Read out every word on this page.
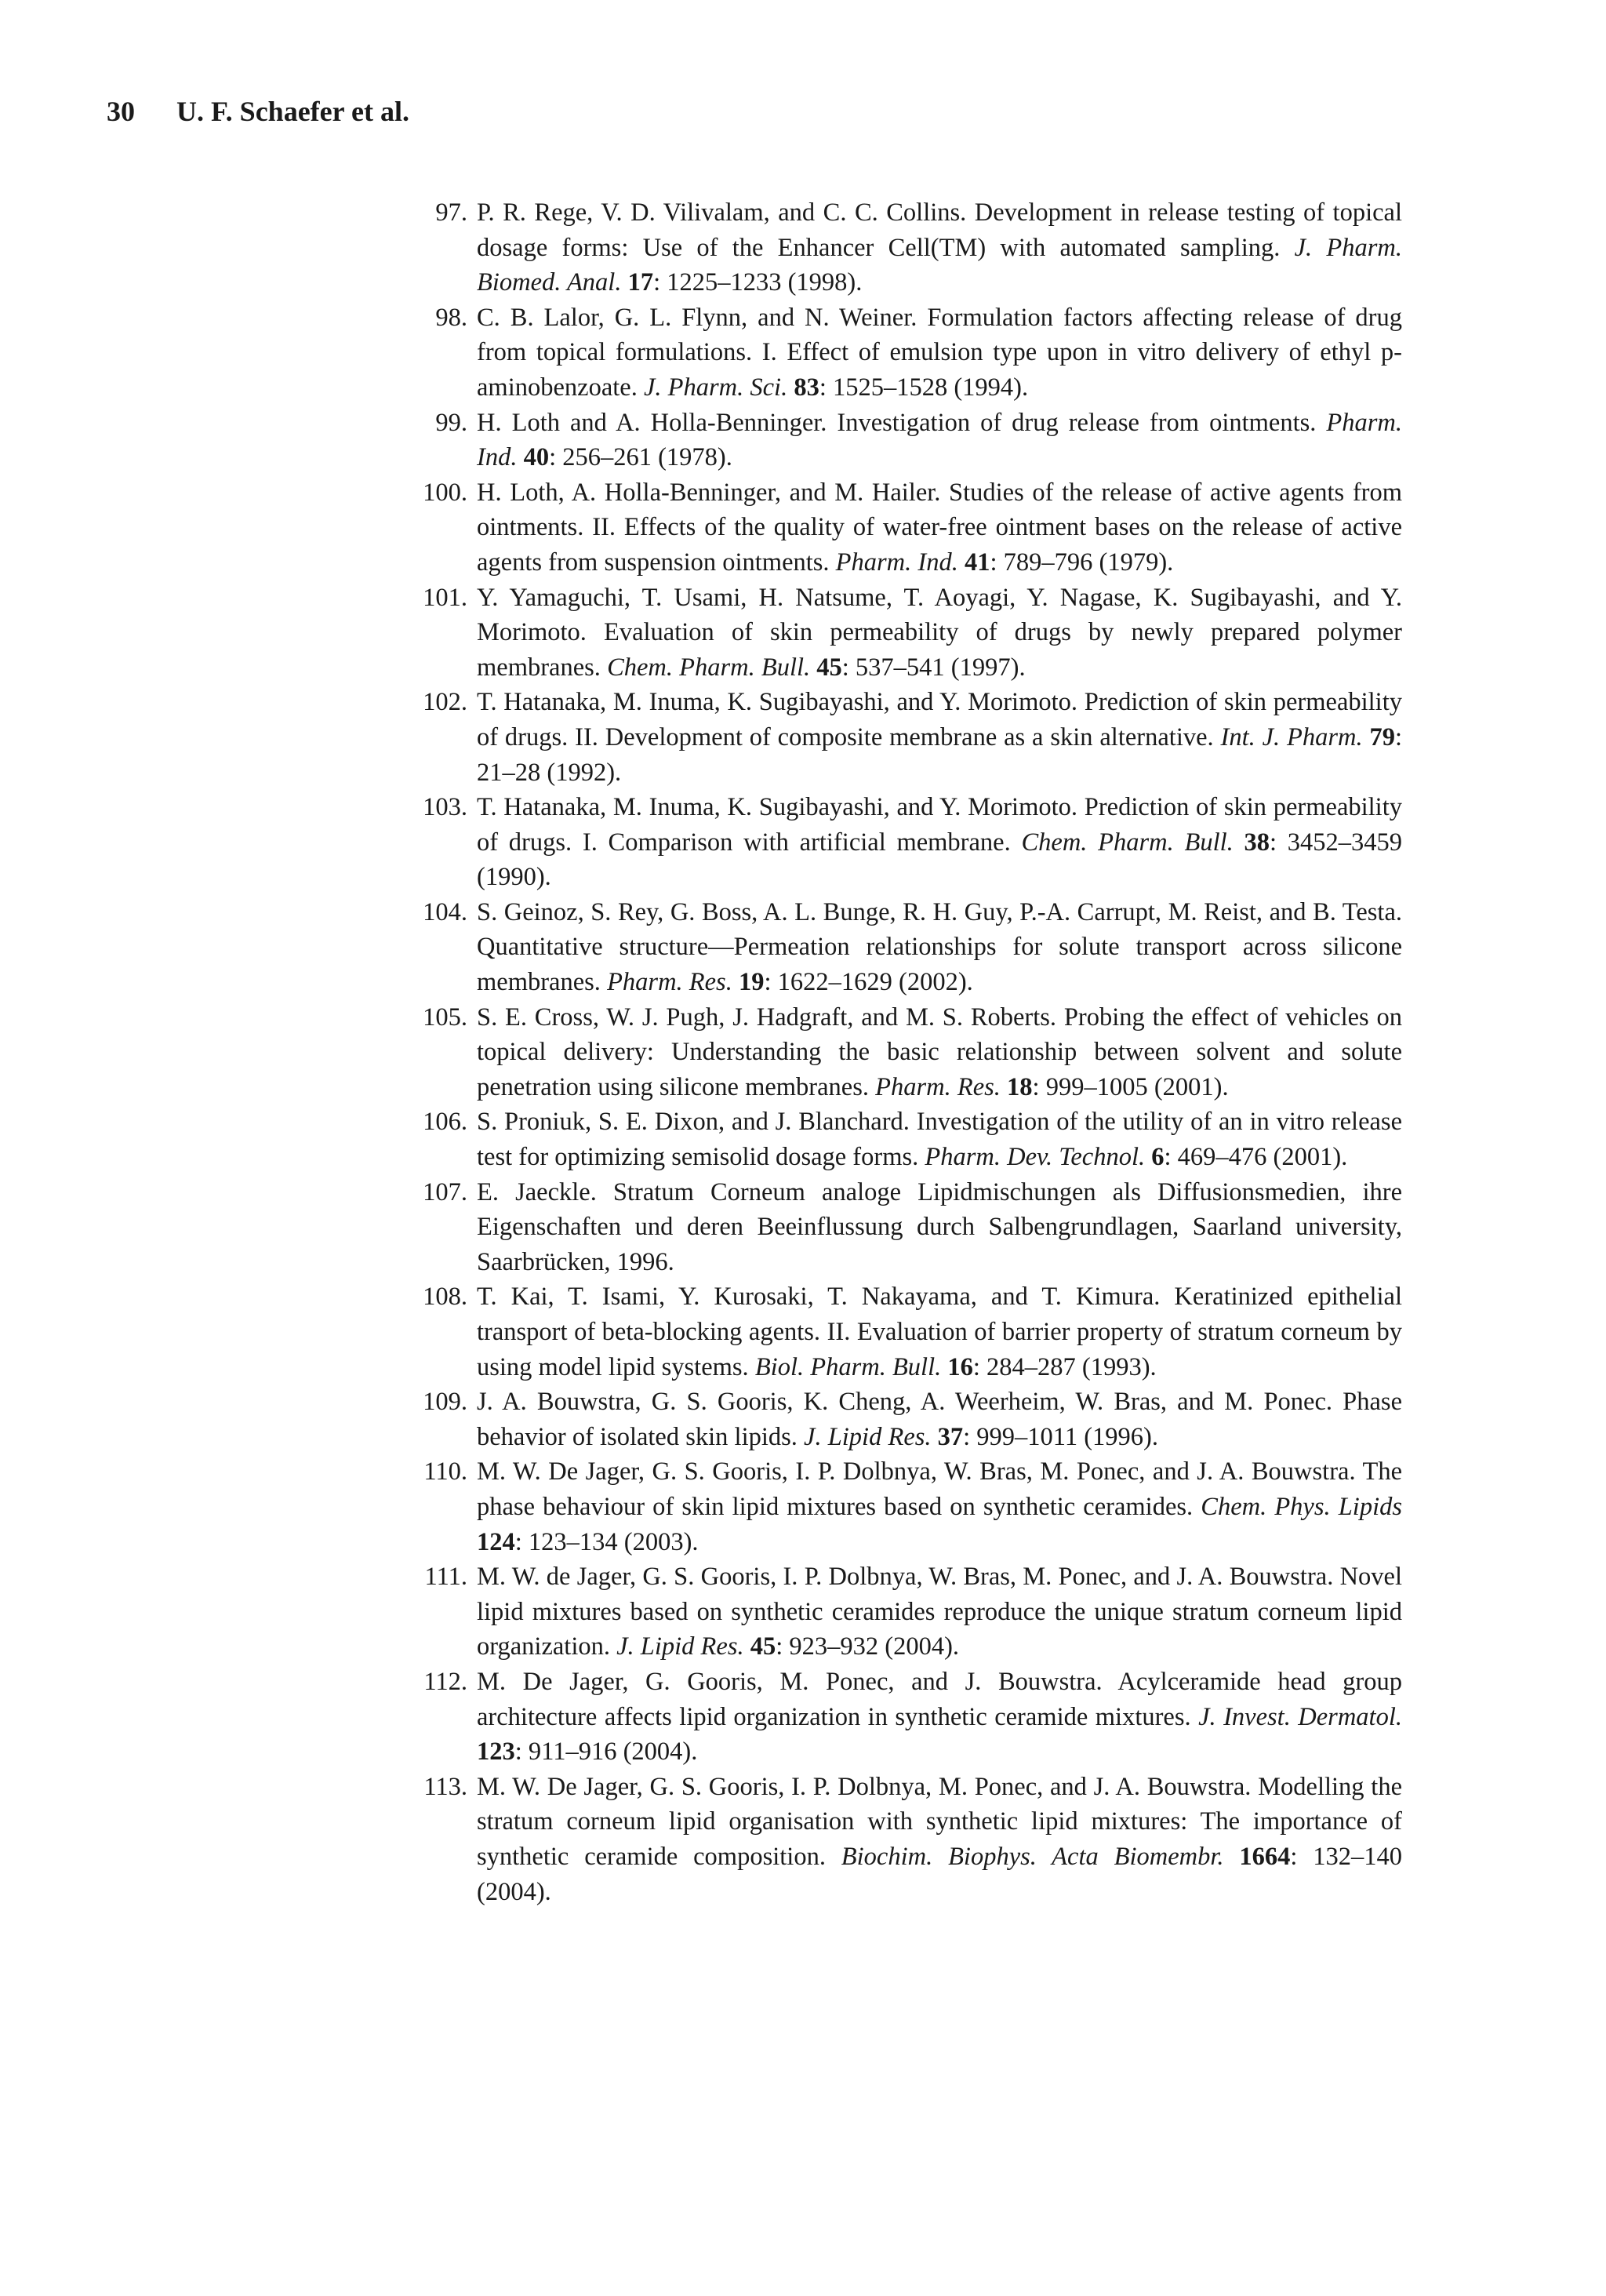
30 U. F. Schaefer et al.
97. P. R. Rege, V. D. Vilivalam, and C. C. Collins. Development in release testing of topical dosage forms: Use of the Enhancer Cell(TM) with automated sampling. J. Pharm. Biomed. Anal. 17: 1225–1233 (1998).
98. C. B. Lalor, G. L. Flynn, and N. Weiner. Formulation factors affecting release of drug from topical formulations. I. Effect of emulsion type upon in vitro delivery of ethyl p-aminobenzoate. J. Pharm. Sci. 83: 1525–1528 (1994).
99. H. Loth and A. Holla-Benninger. Investigation of drug release from ointments. Pharm. Ind. 40: 256–261 (1978).
100. H. Loth, A. Holla-Benninger, and M. Hailer. Studies of the release of active agents from ointments. II. Effects of the quality of water-free ointment bases on the release of active agents from suspension ointments. Pharm. Ind. 41: 789–796 (1979).
101. Y. Yamaguchi, T. Usami, H. Natsume, T. Aoyagi, Y. Nagase, K. Sugibayashi, and Y. Morimoto. Evaluation of skin permeability of drugs by newly prepared polymer membranes. Chem. Pharm. Bull. 45: 537–541 (1997).
102. T. Hatanaka, M. Inuma, K. Sugibayashi, and Y. Morimoto. Prediction of skin permeability of drugs. II. Development of composite membrane as a skin alternative. Int. J. Pharm. 79: 21–28 (1992).
103. T. Hatanaka, M. Inuma, K. Sugibayashi, and Y. Morimoto. Prediction of skin permeability of drugs. I. Comparison with artificial membrane. Chem. Pharm. Bull. 38: 3452–3459 (1990).
104. S. Geinoz, S. Rey, G. Boss, A. L. Bunge, R. H. Guy, P.-A. Carrupt, M. Reist, and B. Testa. Quantitative structure—Permeation relationships for solute transport across silicone membranes. Pharm. Res. 19: 1622–1629 (2002).
105. S. E. Cross, W. J. Pugh, J. Hadgraft, and M. S. Roberts. Probing the effect of vehicles on topical delivery: Understanding the basic relationship between solvent and solute penetration using silicone membranes. Pharm. Res. 18: 999–1005 (2001).
106. S. Proniuk, S. E. Dixon, and J. Blanchard. Investigation of the utility of an in vitro release test for optimizing semisolid dosage forms. Pharm. Dev. Technol. 6: 469–476 (2001).
107. E. Jaeckle. Stratum Corneum analoge Lipidmischungen als Diffusionsmedien, ihre Eigenschaften und deren Beeinflussung durch Salbengrundlagen, Saarland university, Saarbrücken, 1996.
108. T. Kai, T. Isami, Y. Kurosaki, T. Nakayama, and T. Kimura. Keratinized epithelial transport of beta-blocking agents. II. Evaluation of barrier property of stratum corneum by using model lipid systems. Biol. Pharm. Bull. 16: 284–287 (1993).
109. J. A. Bouwstra, G. S. Gooris, K. Cheng, A. Weerheim, W. Bras, and M. Ponec. Phase behavior of isolated skin lipids. J. Lipid Res. 37: 999–1011 (1996).
110. M. W. De Jager, G. S. Gooris, I. P. Dolbnya, W. Bras, M. Ponec, and J. A. Bouwstra. The phase behaviour of skin lipid mixtures based on synthetic ceramides. Chem. Phys. Lipids 124: 123–134 (2003).
111. M. W. de Jager, G. S. Gooris, I. P. Dolbnya, W. Bras, M. Ponec, and J. A. Bouwstra. Novel lipid mixtures based on synthetic ceramides reproduce the unique stratum corneum lipid organization. J. Lipid Res. 45: 923–932 (2004).
112. M. De Jager, G. Gooris, M. Ponec, and J. Bouwstra. Acylceramide head group architecture affects lipid organization in synthetic ceramide mixtures. J. Invest. Dermatol. 123: 911–916 (2004).
113. M. W. De Jager, G. S. Gooris, I. P. Dolbnya, M. Ponec, and J. A. Bouwstra. Modelling the stratum corneum lipid organisation with synthetic lipid mixtures: The importance of synthetic ceramide composition. Biochim. Biophys. Acta Biomembr. 1664: 132–140 (2004).
